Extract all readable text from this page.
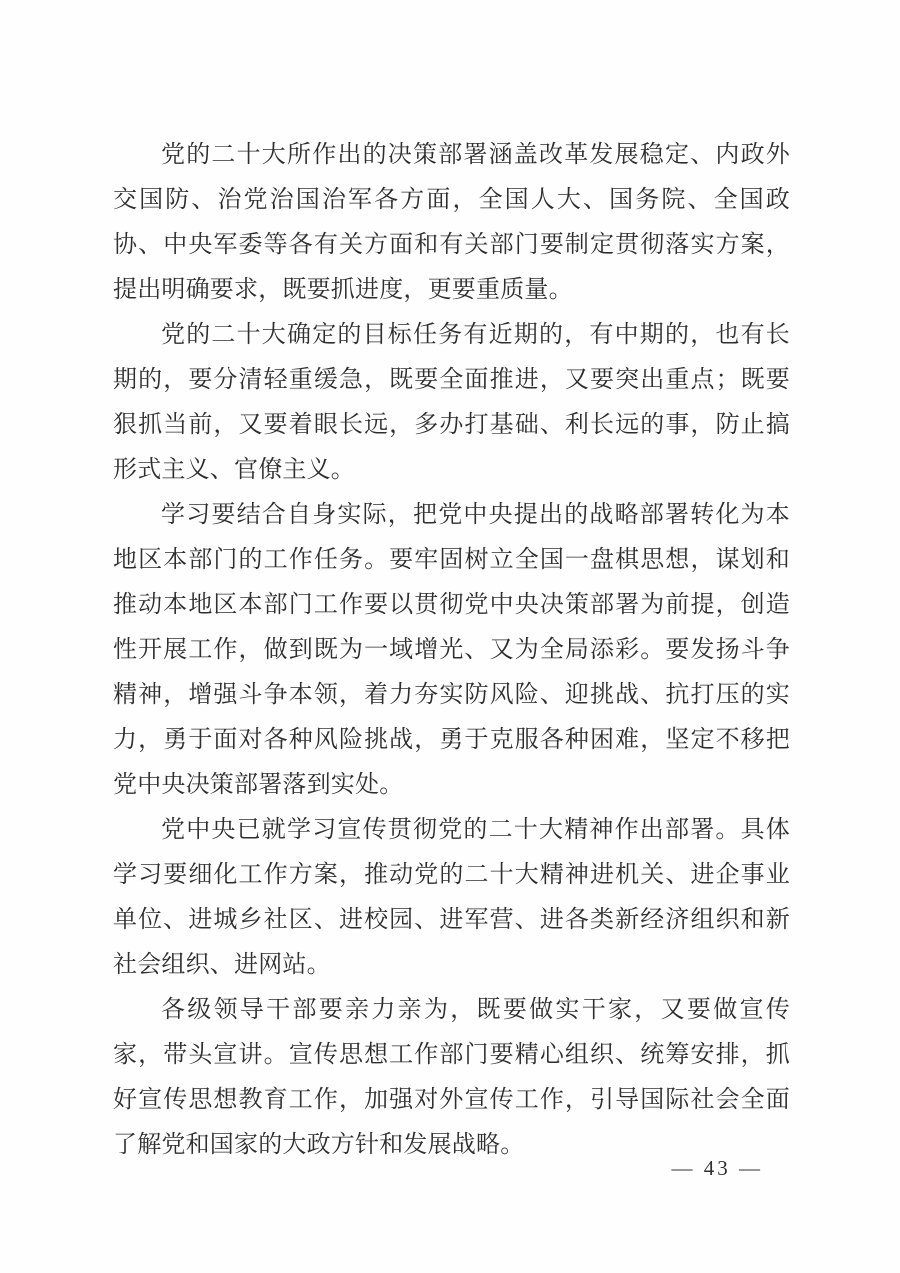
党的二十大所作出的决策部署涵盖改革发展稳定、内政外交国防、治党治国治军各方面，全国人大、国务院、全国政协、中央军委等各有关方面和有关部门要制定贯彻落实方案，提出明确要求，既要抓进度，更要重质量。

党的二十大确定的目标任务有近期的，有中期的，也有长期的，要分清轻重缓急，既要全面推进，又要突出重点；既要狠抓当前，又要着眼长远，多办打基础、利长远的事，防止搞形式主义、官僚主义。

学习要结合自身实际，把党中央提出的战略部署转化为本地区本部门的工作任务。要牢固树立全国一盘棋思想，谋划和推动本地区本部门工作要以贯彻党中央决策部署为前提，创造性开展工作，做到既为一域增光、又为全局添彩。要发扬斗争精神，增强斗争本领，着力夯实防风险、迎挑战、抗打压的实力，勇于面对各种风险挑战，勇于克服各种困难，坚定不移把党中央决策部署落到实处。

党中央已就学习宣传贯彻党的二十大精神作出部署。具体学习要细化工作方案，推动党的二十大精神进机关、进企事业单位、进城乡社区、进校园、进军营、进各类新经济组织和新社会组织、进网站。

各级领导干部要亲力亲为，既要做实干家，又要做宣传家，带头宣讲。宣传思想工作部门要精心组织、统筹安排，抓好宣传思想教育工作，加强对外宣传工作，引导国际社会全面了解党和国家的大政方针和发展战略。

— 43 —
